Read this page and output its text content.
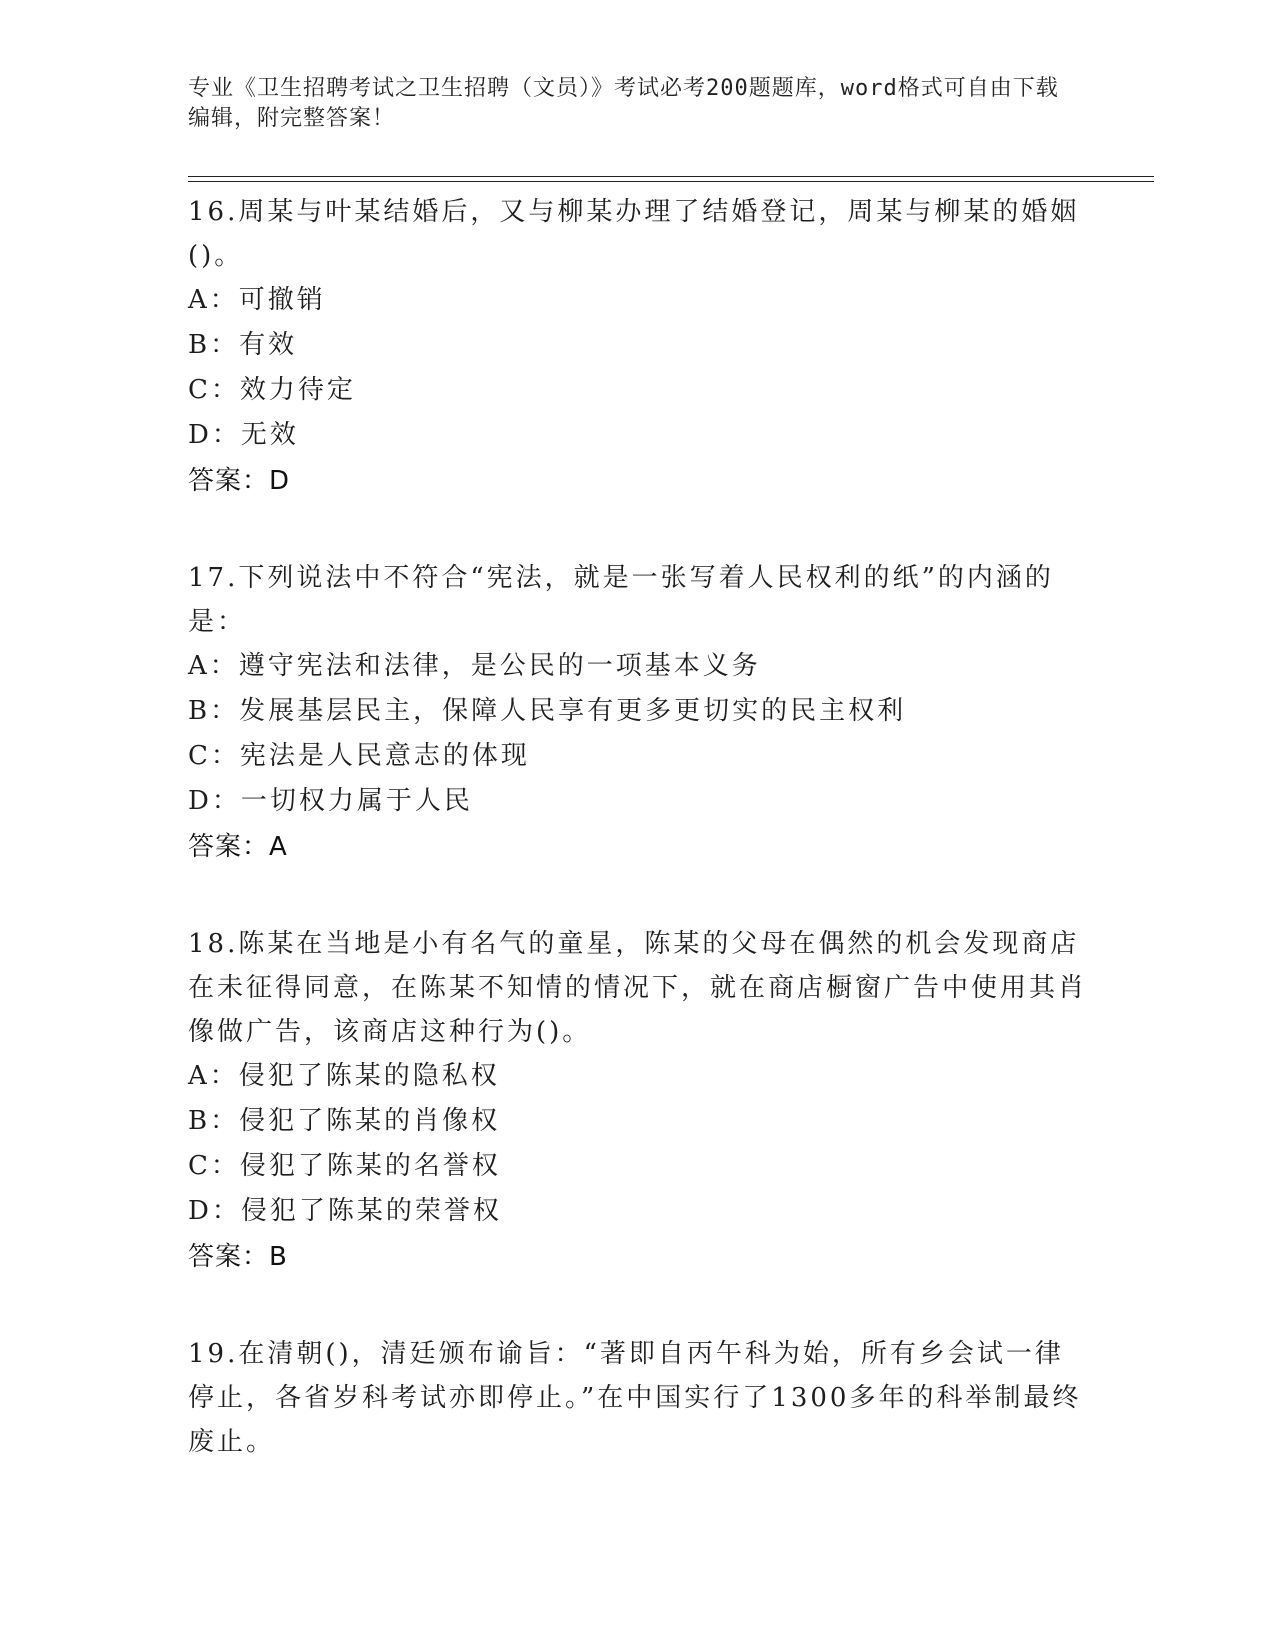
专业《卫生招聘考试之卫生招聘（文员）》考试必考200题题库，word格式可自由下载编辑，附完整答案！
16.周某与叶某结婚后，又与柳某办理了结婚登记，周某与柳某的婚姻()。
A：可撤销
B：有效
C：效力待定
D：无效
答案：D
17.下列说法中不符合“宪法，就是一张写着人民权利的纸”的内涵的是：
A：遵守宪法和法律，是公民的一项基本义务
B：发展基层民主，保障人民享有更多更切实的民主权利
C：宪法是人民意志的体现
D：一切权力属于人民
答案：A
18.陈某在当地是小有名气的童星，陈某的父母在偶然的机会发现商店在未征得同意，在陈某不知情的情况下，就在商店橱窗广告中使用其肖像做广告，该商店这种行为()。
A：侵犯了陈某的隐私权
B：侵犯了陈某的肖像权
C：侵犯了陈某的名誉权
D：侵犯了陈某的荣誉权
答案：B
19.在清朝()，清廷颁布谕旨：“著即自丙午科为始，所有乡会试一律停止，各省岁科考试亦即停止。”在中国实行了1300多年的科举制最终废止。
